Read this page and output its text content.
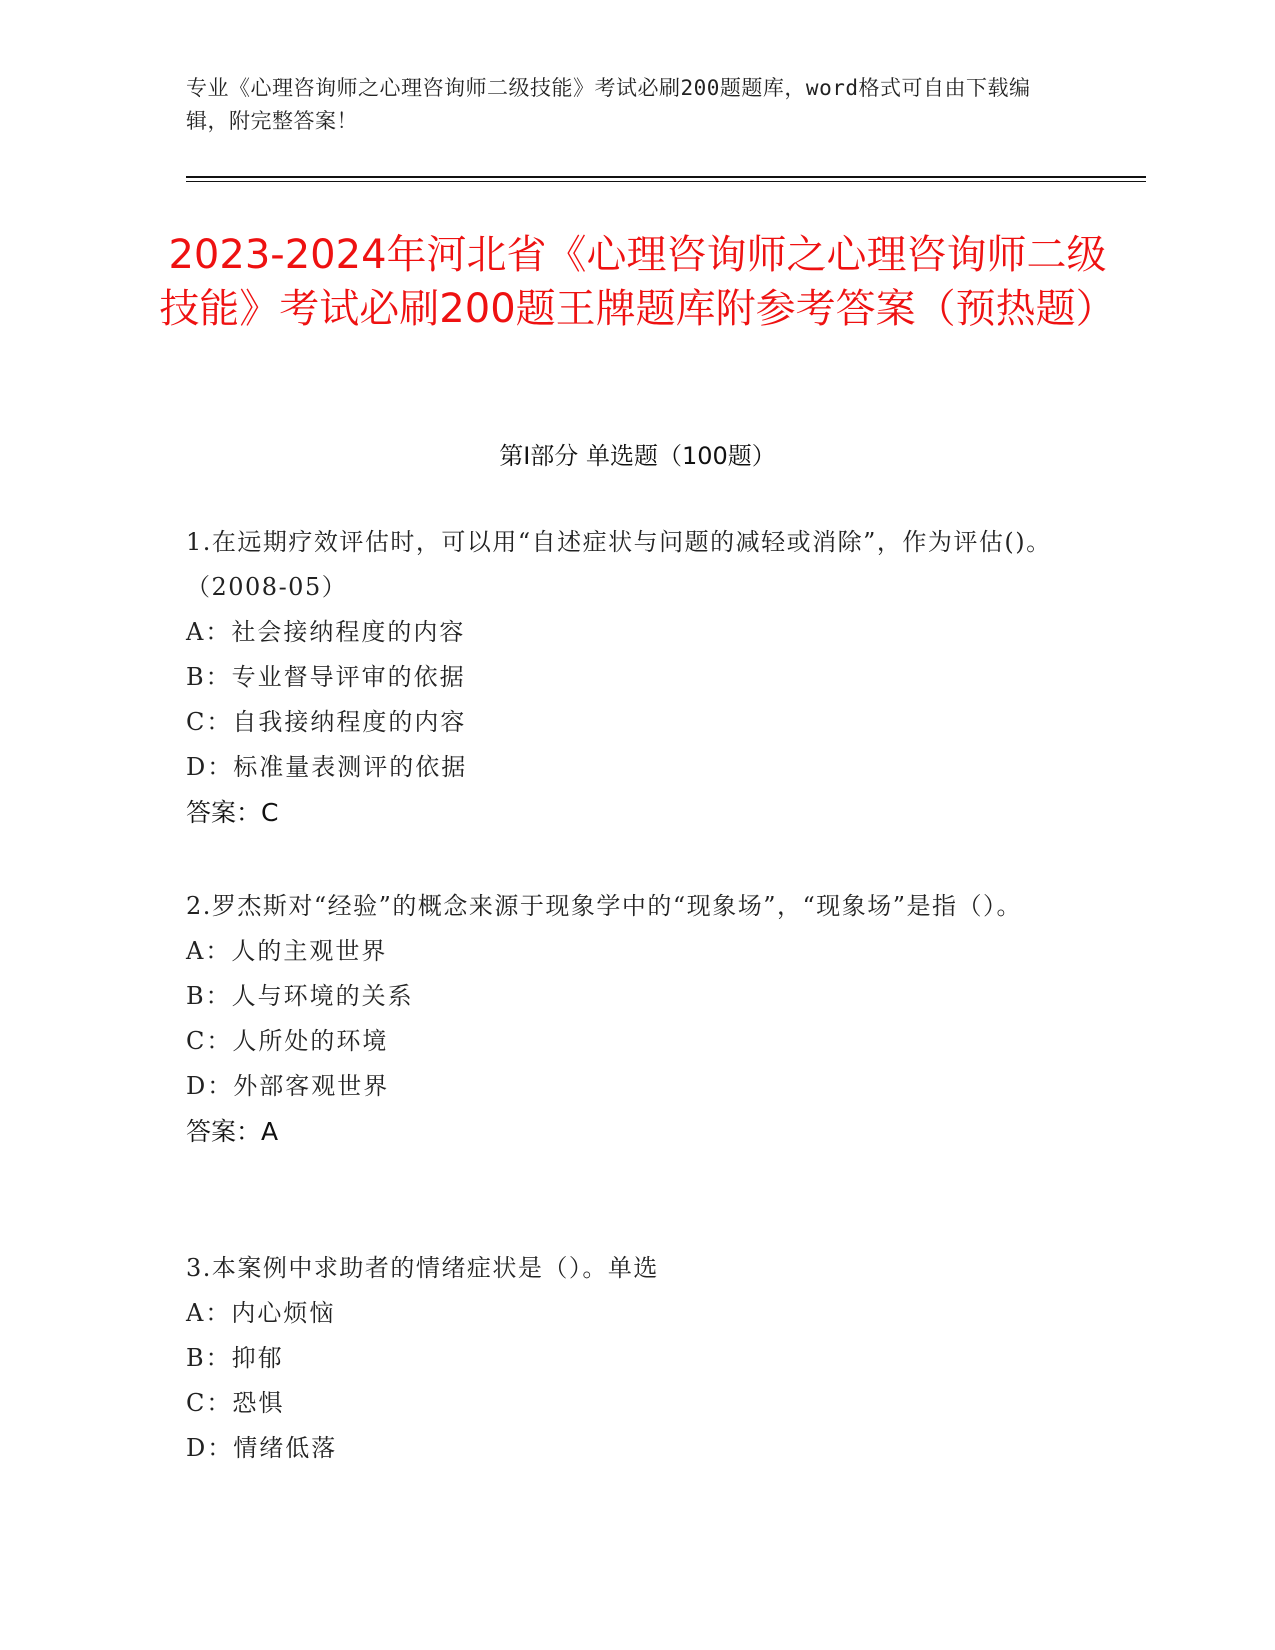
专业《心理咨询师之心理咨询师二级技能》考试必刷200题题库，word格式可自由下载编辑，附完整答案！
2023-2024年河北省《心理咨询师之心理咨询师二级技能》考试必刷200题王牌题库附参考答案（预热题）
第I部分 单选题（100题）
1.在远期疗效评估时，可以用“自述症状与问题的减轻或消除”，作为评估()。（2008-05）
A：社会接纳程度的内容
B：专业督导评审的依据
C：自我接纳程度的内容
D：标准量表测评的依据
答案：C
2.罗杰斯对“经验”的概念来源于现象学中的“现象场”，“现象场”是指（）。
A：人的主观世界
B：人与环境的关系
C：人所处的环境
D：外部客观世界
答案：A
3.本案例中求助者的情绪症状是（）。单选
A：内心烦恼
B：抑郁
C：恐惧
D：情绪低落
